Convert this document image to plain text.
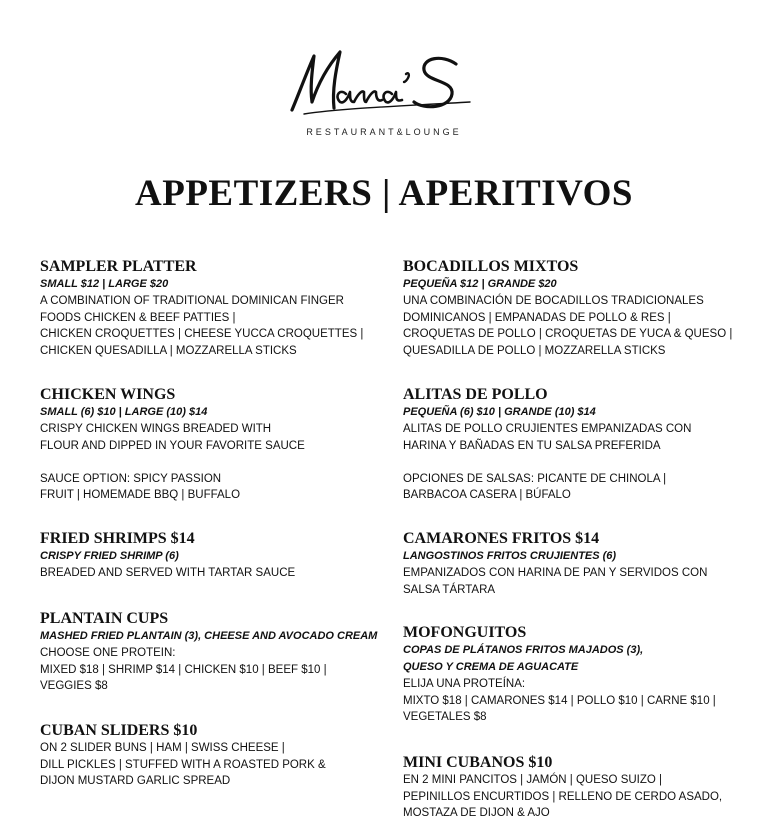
RESTAURANT&LOUNGE
APPETIZERS | APERITIVOS
SAMPLER PLATTER
SMALL $12 | LARGE $20
A COMBINATION OF TRADITIONAL DOMINICAN FINGER
FOODS CHICKEN & BEEF PATTIES |
CHICKEN CROQUETTES | CHEESE YUCCA CROQUETTES |
CHICKEN QUESADILLA | MOZZARELLA STICKS
CHICKEN WINGS
SMALL (6) $10 | LARGE (10) $14
CRISPY CHICKEN WINGS BREADED WITH
FLOUR AND DIPPED IN YOUR FAVORITE SAUCE
SAUCE OPTION: SPICY PASSION
FRUIT | HOMEMADE BBQ | BUFFALO
FRIED SHRIMPS $14
CRISPY FRIED SHRIMP (6)
BREADED AND SERVED WITH TARTAR SAUCE
PLANTAIN CUPS
MASHED FRIED PLANTAIN (3), CHEESE AND AVOCADO CREAM
CHOOSE ONE PROTEIN:
MIXED $18 | SHRIMP $14 | CHICKEN $10 | BEEF $10 |
VEGGIES $8
CUBAN SLIDERS $10
ON 2 SLIDER BUNS | HAM | SWISS CHEESE |
DILL PICKLES | STUFFED WITH A ROASTED PORK &
DIJON MUSTARD GARLIC SPREAD
BOCADILLOS MIXTOS
PEQUEÑA $12 | GRANDE $20
UNA COMBINACIÓN DE BOCADILLOS TRADICIONALES
DOMINICANOS | EMPANADAS DE POLLO & RES |
CROQUETAS DE POLLO | CROQUETAS DE YUCA & QUESO |
QUESADILLA DE POLLO | MOZZARELLA STICKS
ALITAS DE POLLO
PEQUEÑA (6) $10 | GRANDE (10) $14
ALITAS DE POLLO CRUJIENTES EMPANIZADAS CON
HARINA Y BAÑADAS EN TU SALSA PREFERIDA
OPCIONES DE SALSAS: PICANTE DE CHINOLA |
BARBACOA CASERA | BÚFALO
CAMARONES FRITOS $14
LANGOSTINOS FRITOS CRUJIENTES (6)
EMPANIZADOS CON HARINA DE PAN Y SERVIDOS CON
SALSA TÁRTARA
MOFONGUITOS
COPAS DE PLÁTANOS FRITOS MAJADOS (3),
QUESO Y CREMA DE AGUACATE
ELIJA UNA PROTEÍNA:
MIXTO $18 | CAMARONES $14 | POLLO $10 | CARNE $10 |
VEGETALES $8
MINI CUBANOS $10
EN 2 MINI PANCITOS | JAMÓN | QUESO SUIZO |
PEPINILLOS ENCURTIDOS | RELLENO DE CERDO ASADO,
MOSTAZA DE DIJON & AJO
